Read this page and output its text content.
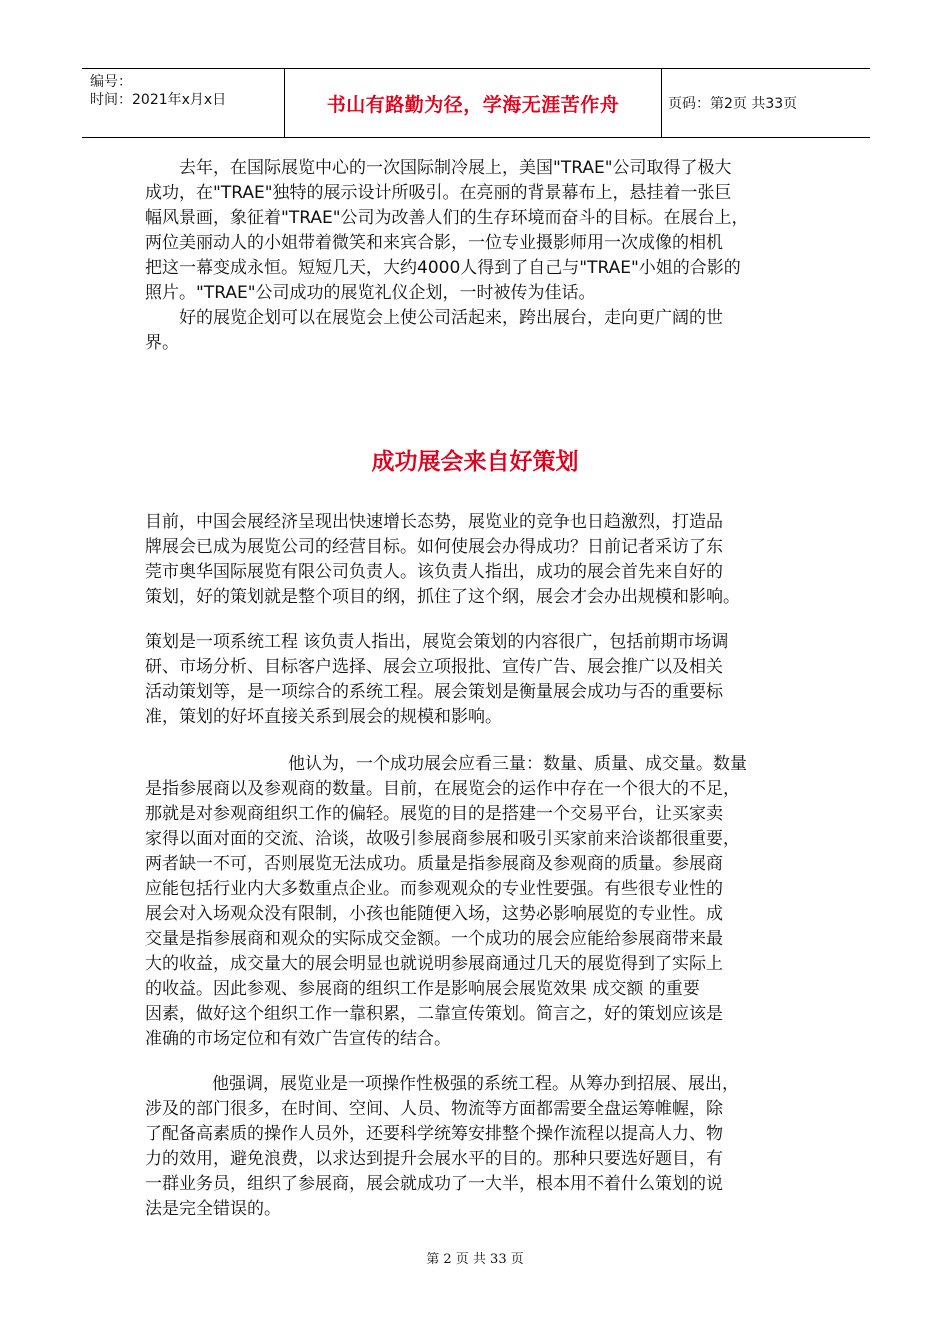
编号：
时间：2021年x月x日	书山有路勤为径，学海无涯苦作舟	页码：第2页 共33页
去年，在国际展览中心的一次国际制冷展上，美国"TRAE"公司取得了极大
成功，在"TRAE"独特的展示设计所吸引。在亮丽的背景幕布上，悬挂着一张巨
幅风景画，象征着"TRAE"公司为改善人们的生存环境而奋斗的目标。在展台上，
两位美丽动人的小姐带着微笑和来宾合影，一位专业摄影师用一次成像的相机
把这一幕变成永恒。短短几天，大约4000人得到了自己与"TRAE"小姐的合影的
照片。"TRAE"公司成功的展览礼仪企划，一时被传为佳话。
好的展览企划可以在展览会上使公司活起来，跨出展台，走向更广阔的世
界。
成功展会来自好策划
目前，中国会展经济呈现出快速增长态势，展览业的竞争也日趋激烈，打造品
牌展会已成为展览公司的经营目标。如何使展会办得成功？日前记者采访了东
莞市奥华国际展览有限公司负责人。该负责人指出，成功的展会首先来自好的
策划，好的策划就是整个项目的纲，抓住了这个纲，展会才会办出规模和影响。
策划是一项系统工程 该负责人指出，展览会策划的内容很广，包括前期市场调
研、市场分析、目标客户选择、展会立项报批、宣传广告、展会推广以及相关
活动策划等，是一项综合的系统工程。展会策划是衡量展会成功与否的重要标
准，策划的好坏直接关系到展会的规模和影响。
他认为，一个成功展会应看三量：数量、质量、成交量。数量
是指参展商以及参观商的数量。目前，在展览会的运作中存在一个很大的不足，
那就是对参观商组织工作的偏轻。展览的目的是搭建一个交易平台，让买家卖
家得以面对面的交流、洽谈，故吸引参展商参展和吸引买家前来洽谈都很重要，
两者缺一不可，否则展览无法成功。质量是指参展商及参观商的质量。参展商
应能包括行业内大多数重点企业。而参观观众的专业性要强。有些很专业性的
展会对入场观众没有限制，小孩也能随便入场，这势必影响展览的专业性。成
交量是指参展商和观众的实际成交金额。一个成功的展会应能给参展商带来最
大的收益，成交量大的展会明显也就说明参展商通过几天的展览得到了实际上
的收益。因此参观、参展商的组织工作是影响展会展览效果 成交额 的重要
因素，做好这个组织工作一靠积累，二靠宣传策划。简言之，好的策划应该是
准确的市场定位和有效广告宣传的结合。
他强调，展览业是一项操作性极强的系统工程。从筹办到招展、展出，
涉及的部门很多，在时间、空间、人员、物流等方面都需要全盘运筹帷幄，除
了配备高素质的操作人员外，还要科学统筹安排整个操作流程以提高人力、物
力的效用，避免浪费，以求达到提升会展水平的目的。那种只要选好题目，有
一群业务员，组织了参展商，展会就成功了一大半，根本用不着什么策划的说
法是完全错误的。
第 2 页 共 33 页
